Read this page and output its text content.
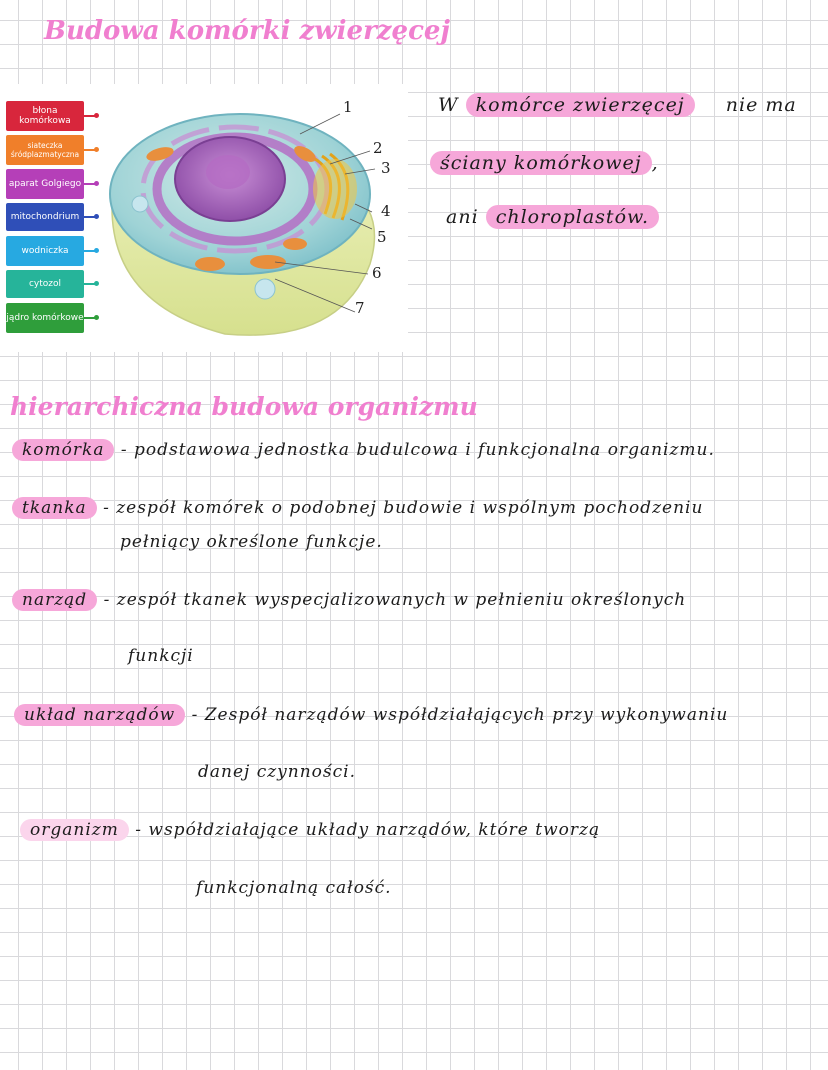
Budowa komórki zwierzęcej
błona komórkowa
siateczka śródplazmatyczna
aparat Golgiego
mitochondrium
wodniczka
cytozol
jądro komórkowe
1
2
3
4
5
6
7
W komórce zwierzęcej nie ma
ściany komórkowej ,
ani chloroplastów.
hierarchiczna budowa organizmu
komórka - podstawowa jednostka budulcowa i funkcjonalna organizmu.
tkanka - zespół komórek o podobnej budowie i wspólnym pochodzeniu
pełniący określone funkcje.
narząd - zespół tkanek wyspecjalizowanych w pełnieniu określonych
funkcji
układ narządów - Zespół narządów współdziałających przy wykonywaniu
danej czynności.
organizm - współdziałające układy narządów, które tworzą
funkcjonalną całość.
